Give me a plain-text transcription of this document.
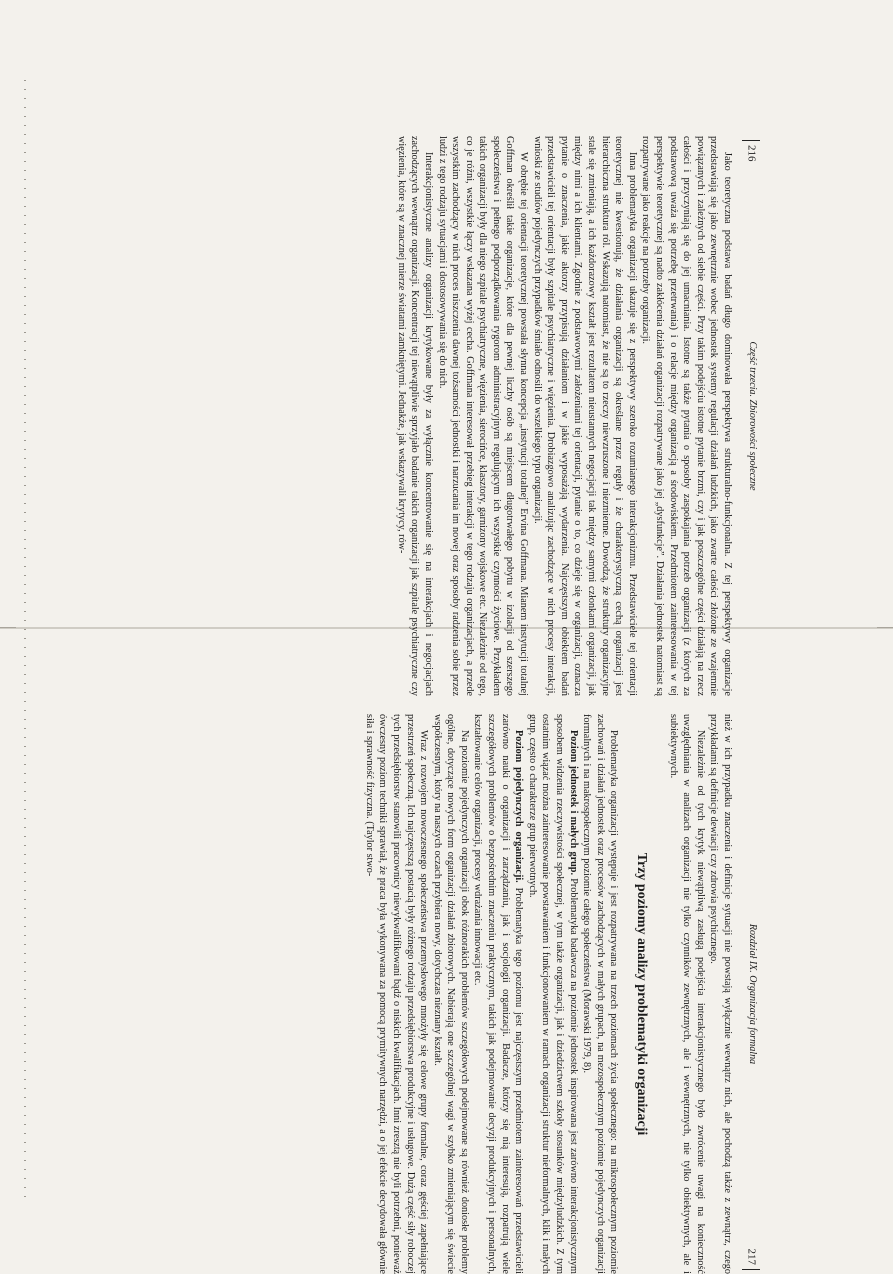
216
Część trzecia. Zbiorowości społeczne

Jako teoretyczna podstawa badań długo dominowała perspektywa strukturalno-funkcjonalna. Z tej perspektywy organizacje przedstawiają się jako zewnętrznie wobec jednostek systemy regulacji działań ludzkich, jako zwarte całości złożone ze wzajemnie powiązanych i zależnych od siebie części. Przy takim podejściu istotne pytanie brzmi, czy i jak poszczególne części działają na rzecz całości i przyczyniają się do jej umacniania. Istotne są także pytania o sposoby zaspokajania potrzeb organizacji (z których za podstawową uważa się potrzebę przetrwania) i o relacje między organizacją a środowiskiem. Przedmiotem zainteresowania w tej perspektywie teoretycznej są nadto zakłócenia działań organizacji rozpatrywane jako jej „dysfunkcje”. Działania jednostek natomiast są rozpatrywane jako reakcje na potrzeby organizacji.

Inna problematyka organizacji ukazuje się z perspektywy szeroko rozumianego interakcjonizmu. Przedstawiciele tej orientacji teoretycznej nie kwestionują, że działania organizacji są określane przez reguły i że charakterystyczną cechą organizacji jest hierarchiczna struktura ról. Wskazują natomiast, że nie są to rzeczy niewzruszone i niezmienne. Dowodzą, że struktury organizacyjne stale się zmieniają, a ich każdorazowy kształt jest rezultatem nieustannych negocjacji tak między samymi członkami organizacji, jak między nimi a ich klientami. Zgodnie z podstawowymi założeniami tej orientacji, pytanie o to, co dzieje się w organizacji, oznacza pytanie o znaczenia, jakie aktorzy przypisują działaniom i w jakie wyposażają wydarzenia. Najczęstszym obiektem badań przedstawicieli tej orientacji były szpitale psychiatryczne i więzienia. Drobiazgowo analizując zachodzące w nich procesy interakcji, wnioski ze studiów pojedynczych przypadków śmiało odnosili do wszelkiego typu organizacji.

W obrębie tej orientacji teoretycznej powstała słynna koncepcja „instytucji totalnej” Ervina Goffmana. Mianem instytucji totalnej Goffman określił takie organizacje, które dla pewnej liczby osób są miejscem długotrwałego pobytu w izolacji od szerszego społeczeństwa i pełnego podporządkowania rygorom administracyjnym regulującym ich wszystkie czynności życiowe. Przykładem takich organizacji były dla niego szpitale psychiatryczne, więzienia, sierocińce, klasztory, garnizony wojskowe etc. Niezależnie od tego, co je różni, wszystkie łączy wskazana wyżej cecha. Goffmana interesował przebieg interakcji w tego rodzaju organizacjach, a przede wszystkim zachodzący w nich proces niszczenia dawnej tożsamości jednostki i narzucania im nowej oraz sposoby radzenia sobie przez ludzi z tego rodzaju sytuacjami i dostosowywania się do nich.

Interakcjonistyczne analizy organizacji krytykowane były za wyłącznie koncentrowanie się na interakcjach i negocjacjach zachodzących wewnątrz organizacji. Koncentracji tej niewątpliwie sprzyjało badanie takich organizacji jak szpitale psychiatryczne czy więzienia, które są w znacznej mierze światami zamkniętymi. Jednakże, jak wskazywali krytycy, rów-

Rozdział IX. Organizacja formalna
217

nież w ich przypadku znaczenia i definicje sytuacji nie powstają wyłącznie wewnątrz nich, ale pochodzą także z zewnątrz, czego przykładami są definicje dewiacji czy zdrowia psychicznego.

Niezależnie od tych krytyk niewątpliwą zasługą podejścia interakcjonistycznego było zwrócenie uwagi na konieczność uwzględniania w analizach organizacji nie tylko czynników zewnętrznych, ale i wewnętrznych, nie tylko obiektywnych, ale i subiektywnych.

Trzy poziomy analizy problematyki organizacji

Problematyka organizacji występuje i jest rozpatrywana na trzech poziomach życia społecznego: na mikrospołecznym poziomie zachowań i działań jednostek oraz procesów zachodzących w małych grupach, na mezospołecznym poziomie pojedynczych organizacji formalnych i na makrospołecznym poziomie całego społeczeństwa (Morawski 1979, 8).

Poziom jednostek i małych grup. Problematyka badawcza na poziomie jednostek inspirowana jest zarówno interakcjonistycznym sposobem widzenia rzeczywistości społecznej, w tym także organizacji, jak i dziedzictwem szkoły stosunków międzyludzkich. Z tym ostatnim wiązać można zainteresowanie powstawaniem i funkcjonowaniem w ramach organizacji struktur nieformalnych, klik i małych grup, często o charakterze grup pierwotnych.

Poziom pojedynczych organizacji. Problematyka tego poziomu jest najczęstszym przedmiotem zainteresowań przedstawicieli zarówno nauki o organizacji i zarządzaniu, jak i socjologii organizacji. Badacze, którzy się nią interesują, rozpatrują wiele szczegółowych problemów o bezpośrednim znaczeniu praktycznym, takich jak podejmowanie decyzji produkcyjnych i personalnych, kształtowanie celów organizacji, procesy wdrażania innowacji etc.

Na poziomie pojedynczych organizacji obok różnorakich problemów szczegółowych podejmowane są również doniosłe problemy ogólne, dotyczące nowych form organizacji działań zbiorowych. Nabierają one szczególnej wagi w szybko zmieniającym się świecie współczesnym, który na naszych oczach przybiera nowy, dotychczas nieznany kształt.

Wraz z rozwojem nowoczesnego społeczeństwa przemysłowego mnożyły się celowe grupy formalne, coraz gęściej zapełniające przestrzeń społeczną. Ich najczęstszą postacią były różnego rodzaju przedsiębiorstwa produkcyjne i usługowe. Dużą część siły roboczej tych przedsiębiorstw stanowili pracownicy niewykwalifikowani bądź o niskich kwalifikacjach. Inni zresztą nie byli potrzebni, ponieważ ówczesny poziom techniki sprawiał, że praca była wykonywana za pomocą prymitywnych narzędzi, a o jej efekcie decydowała głównie siła i sprawność fizyczna. (Taylor stwo-
